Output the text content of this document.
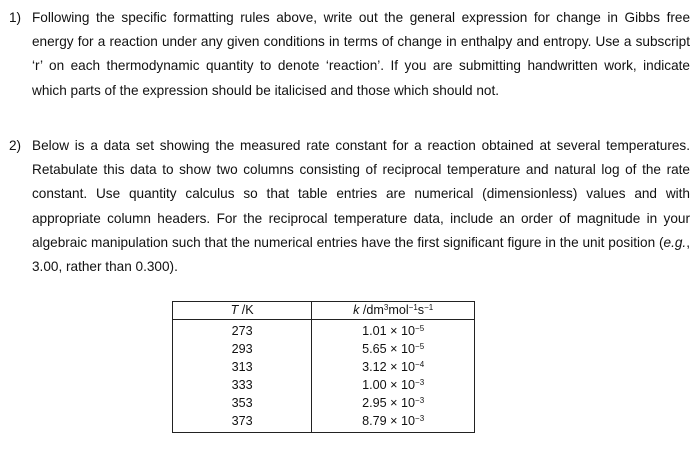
1) Following the specific formatting rules above, write out the general expression for change in Gibbs free energy for a reaction under any given conditions in terms of change in enthalpy and entropy. Use a subscript ‘r’ on each thermodynamic quantity to denote ‘reaction’. If you are submitting handwritten work, indicate which parts of the expression should be italicised and those which should not.
2) Below is a data set showing the measured rate constant for a reaction obtained at several temperatures. Retabulate this data to show two columns consisting of reciprocal temperature and natural log of the rate constant. Use quantity calculus so that table entries are numerical (dimensionless) values and with appropriate column headers. For the reciprocal temperature data, include an order of magnitude in your algebraic manipulation such that the numerical entries have the first significant figure in the unit position (e.g., 3.00, rather than 0.300).
T /K	k $/dm^3mol^{-1}s^{-1}$
273	$1.01 \times 10^{-5}$
293	$5.65 \times 10^{-5}$
313	$3.12 \times 10^{-4}$
333	$1.00 \times 10^{-3}$
353	$2.95 \times 10^{-3}$
373	$8.79 \times 10^{-3}$
